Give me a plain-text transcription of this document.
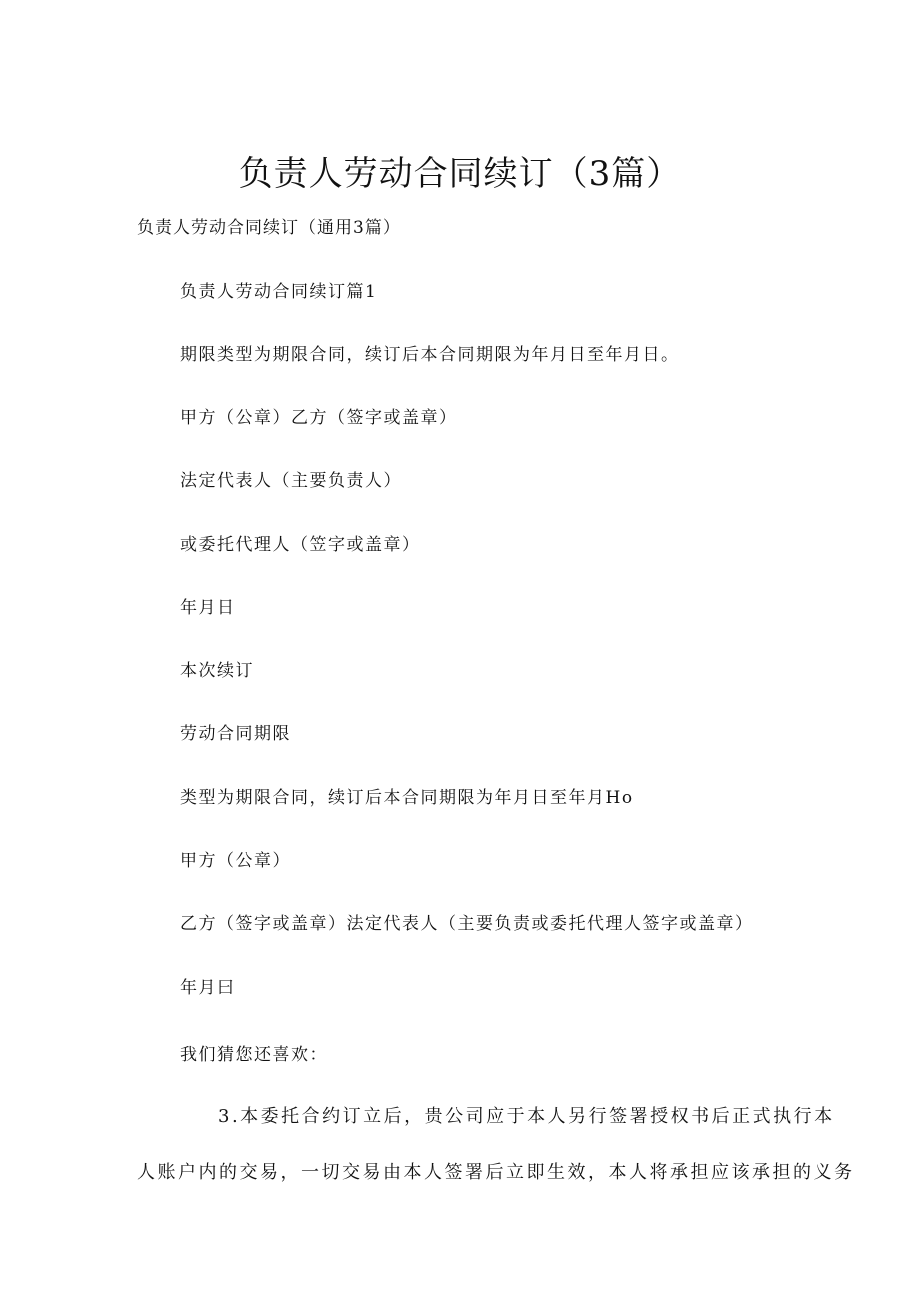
负责人劳动合同续订（3篇）
负责人劳动合同续订（通用3篇）
负责人劳动合同续订篇1
期限类型为期限合同，续订后本合同期限为年月日至年月日。
甲方（公章）乙方（签字或盖章）
法定代表人（主要负责人）
或委托代理人（笠字或盖章）
年月日
本次续订
劳动合同期限
类型为期限合同，续订后本合同期限为年月日至年月Ho
甲方（公章）
乙方（签字或盖章）法定代表人（主要负责或委托代理人签字或盖章）
年月曰
我们猜您还喜欢：
3.本委托合约订立后，贵公司应于本人另行签署授权书后正式执行本
人账户内的交易，一切交易由本人签署后立即生效，本人将承担应该承担的义务
